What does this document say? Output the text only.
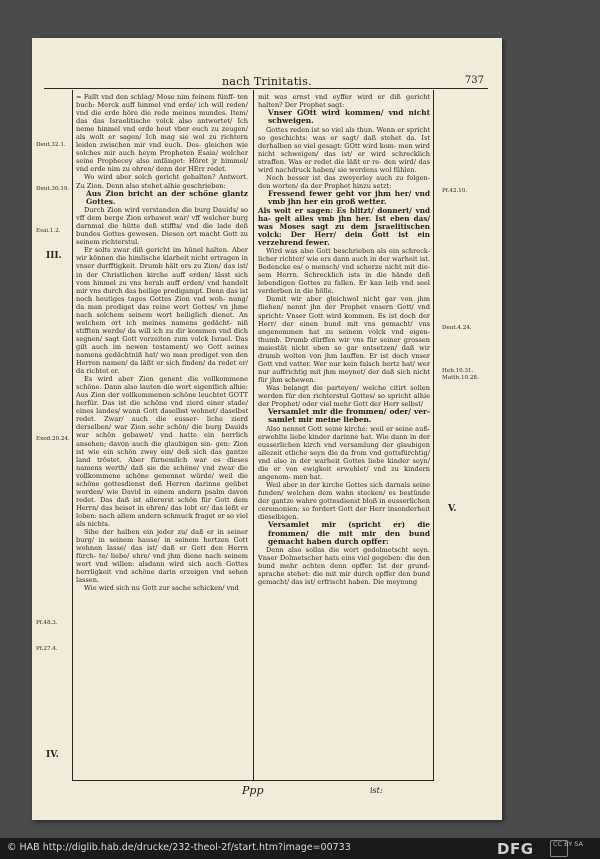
nach Trinitatis.	737
Deut.32.1.
Deut.30.19.
Esai.1.2.
Exod.20.24.
Pf.48.3.
Pf.27.4.
Pf.42.10.
Deut.4.24.
Heb.10.31. Matth.10.28.
III.
IV.
V.

= Fallt vnd den schlag/ Mose nim feinem fünff- ten buch: Merck auff hinmel vnd erde/ ich will reden/ vnd die erde höre die rede meines mundes. Item/ das das Israelitische volck also antwortet/ Ich neme hinmel vnd erde heut vber euch zu zeugen/ als wolt er sagen/ Ich mag sie wol zu richtern leiden zwischen mir vnd euch. Des- gleichen wie solches mir auch heym Propheten Esaia/ welcher seine Prophecey also anfänget: Höret jr himmel/ vnd erde nim zu ohren/ denn der HErr redet.

Wo wird aber solch gericht gehalten? Antwort. Zu Zion. Denn also stehet alhie geschrieben:

Aus Zion bricht an der schöne glantz Gottes.

Durch Zion wird verstanden die burg Dauids/ so vff dem berge Zion erbawet war/ vff welcher burg darnmal die hütte deß stiffts/ vnd die lade deß bundes Gottes gewesen. Diesen ort macht Gott zu seinem richterstul.

Er solts zwar diß gericht im hünel halten. Aber wir können die himlische klarheit nicht ertragen in vnser durfftigkeit. Drumb hält ers zu Zion/ das ist/ in der Christlichen kirche auff erden/ lässt sich vom hinmel zu vns herab auff erden/ vnd handelt mir vns durch das heilige predigampt. Denn das ist noch heutiges tages Gottes Zion vnd woh- nung/ da man prediget das reine wort Gottes/ vn jhme nach solchem seinem wort heiliglich dienet. An welchem ort ich meines namens gedächt- niß stifften werde/ da will ich zu dir kommen vnd dich segnen/ sagt Gott vorzeiten zum volck Israel. Das gilt auch im newen testament/ wo Gott seines namens gedächtniß hat/ wo man prediget von den Herren namen/ da läßt er sich finden/ da redet er/ da richtet er.

Es wird aber Zion genent die vollkommene schöne. Dann also lauten die wort eigentlich alhie: Aus Zion der vollkommenen schöne leuchtet GOTT herfür. Das ist die schöne vnd zierd einer stade/ eines landes/ wann Gott daselbst wohnet/ daselbst redet. Zwar/ auch die eusser- liche zierd derselben/ war Zion sehr schön/ die burg Dauids war schön gebawet/ vnd hatte ein herrlich ansehen; davon auch die glaubigen sin- gen: Zion ist wie ein schön zwey ein/ deß sich das gantze land tröstet. Aber fürnemlich war es dieses namens werth/ daß sie die schöne/ vnd zwar die vollkommene schöne genennet würde/ weil die schöne gottesdienst deß Herren darinne geübet worden/ wie David in einem andern psalm davon redet. Das daß ist allererst schön für Gott dem Herrn/ das heiset in ehren/ das lobt er/ das leßt er loben: nach allem andern schmuck fraget er so viel als nichts.

Sihe der halben ein jeder zu/ daß er in seiner burg/ in seinem hause/ in seinem hertzen Gott wohnen lasse/ das ist/ daß er Gott den Herrn fürch- te/ liebe/ ehre/ vnd jhm diene nach seinem wort vnd willen: alsdann wird sich auch Gottes herrligkeit vnd schöne darin erzeigen vnd sehen lassen.

Wie wird sich nu Gott zur sache schicken/ vnd

mit was ernst vnd eyffer wird er diß gericht halten? Der Prophet sagt:

Vnser GOtt wird kommen/ vnd nicht schweigen.

Gottes reden ist so viel als thun. Wenn er spricht so geschichts: was er sagt/ daß stehet da. Ist derhalben so viel gesagt: GOtt wird kom- men wird nicht schweigen/ das ist/ er wird schrecklich straffen. Was er redet die läßt er re- den wird/ das wird nachdruck haben/ sie werdens wol fühlen.

Noch besser ist das zweyerley auch zu folgen- den worten/ da der Prophet hinzu setzt:

Fressend fewer geht vor jhm her/ vnd vmb jhn her ein groß wetter.

Als wolt er sagen: Es blitzt/ donnert/ vnd ha- gelt alles vmb jhn her. Ist eben das/ was Moses sagt zu dem Jsraelitischen volck: Der Herr/ dein Gott ist ein verzehrend fewer.

Wird was also Gott beschrieben als ein schreck- licher richter/ wie ers dann auch in der warheit ist. Bedencke es/ o mensch/ vnd scherze nicht mit die- sem Herrn. Schrecklich ists in die hände deß lebendigen Gottes zu fallen. Er kan leib vnd seel verderben in die hölle.

Damit wir aber gleichwol nicht gar von jhm fliehen/ nennt jhn der Prophet vnsern Gott/ vnd spricht: Vnser Gott wird kommen. Es ist doch der Herr/ der einen bund mit vns gemacht/ vns angenommen hat zu seinem volck vnd eigen- thumb. Drumb dürffen wir vns für seiner grossen maiestät nicht eben so gar entsetzen/ daß wir drumb wolten von jhm lauffen. Er ist doch vnser Gott vnd vatter. Wer nur kein falsch hertz hat/ wer nur auffrichtig mit jhm meynet/ der daß sich nicht für jhm schewen.

Was belangt die parteyen/ welche citirt sollen werden für den richterstul Gottes/ so spricht alhie der Prophet/ oder viel mehr Gott der Herr selbst/

Versamlet mir die frommen/ oder/ ver- samlet mir meine lieben.

Also nennet Gott seine kirche: weil er seine auß- erwehlte liebe kinder darinne hat. Wie dann in der eusserlichen kirch vnd versamlung der glaubigen allezeit etliche seyn die da from vnd gottsfürchtig/ vnd also in der warheit Gottes liebe kinder seyn/ die er von ewigkeit erwehlet/ vnd zu kindern angenom- men hat.

Weil aber in der kirche Gottes sich darnals seine funden/ welchen dem wahn stecken/ es bestünde der gantze wahre gottesdienst bloß in eusserlichen ceremonien: so fordert Gott der Herr insonderheit dieselbigen.

Versamlet mir (spricht er) die frommen/ die mit mir den bund gemacht haben durch opffer:

Denn also sollas die wort gedolmetscht seyn. Vnser Dolmetscher hats eins viel gegeben: die den bund mehr achten denn opffer. Ist der grund- sprache stehet: die mit mir durch opffer den bund gemacht/ das ist/ erfrischt haben. Die meynung

Ppp	ist:
© HAB http://diglib.hab.de/drucke/232-theol-2f/start.htm?image=00733	DFG	CC BY SA
